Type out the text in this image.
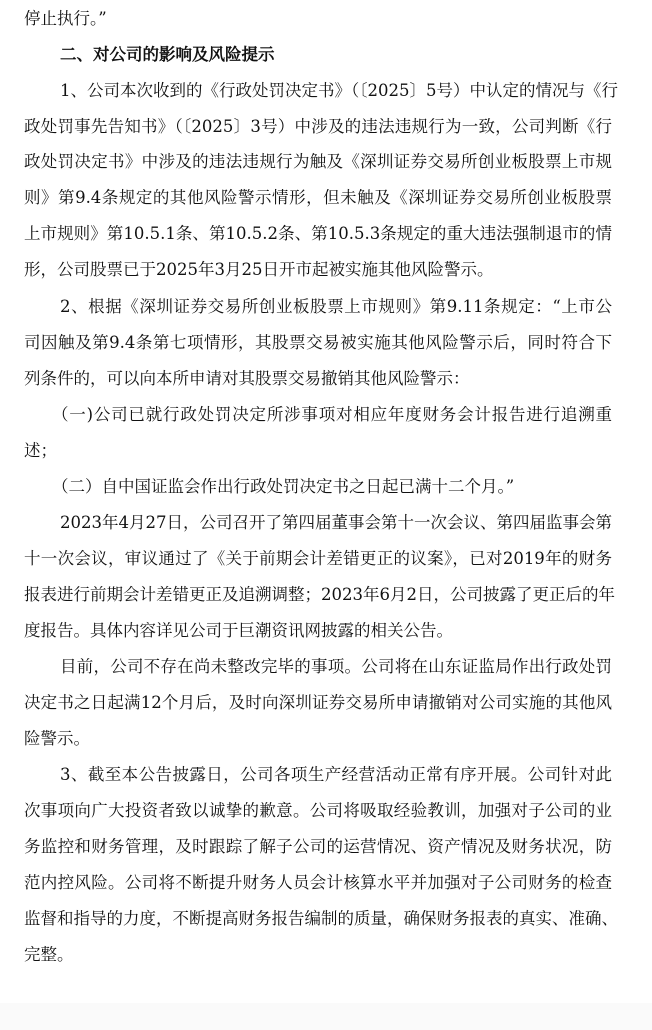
停止执行。”
二、对公司的影响及风险提示
1、公司本次收到的《行政处罚决定书》（〔2025〕5号）中认定的情况与《行
政处罚事先告知书》（〔2025〕3号）中涉及的违法违规行为一致，公司判断《行
政处罚决定书》中涉及的违法违规行为触及《深圳证券交易所创业板股票上市规
则》第9.4条规定的其他风险警示情形，但未触及《深圳证券交易所创业板股票
上市规则》第10.5.1条、第10.5.2条、第10.5.3条规定的重大违法强制退市的情
形，公司股票已于2025年3月25日开市起被实施其他风险警示。
2、根据《深圳证券交易所创业板股票上市规则》第9.11条规定：“上市公
司因触及第9.4条第七项情形，其股票交易被实施其他风险警示后，同时符合下
列条件的，可以向本所申请对其股票交易撤销其他风险警示：
（一)公司已就行政处罚决定所涉事项对相应年度财务会计报告进行追溯重
述；
（二）自中国证监会作出行政处罚决定书之日起已满十二个月。”
2023年4月27日，公司召开了第四届董事会第十一次会议、第四届监事会第
十一次会议，审议通过了《关于前期会计差错更正的议案》，已对2019年的财务
报表进行前期会计差错更正及追溯调整；2023年6月2日，公司披露了更正后的年
度报告。具体内容详见公司于巨潮资讯网披露的相关公告。
目前，公司不存在尚未整改完毕的事项。公司将在山东证监局作出行政处罚
决定书之日起满12个月后，及时向深圳证券交易所申请撤销对公司实施的其他风
险警示。
3、截至本公告披露日，公司各项生产经营活动正常有序开展。公司针对此
次事项向广大投资者致以诚挚的歉意。公司将吸取经验教训，加强对子公司的业
务监控和财务管理，及时跟踪了解子公司的运营情况、资产情况及财务状况，防
范内控风险。公司将不断提升财务人员会计核算水平并加强对子公司财务的检查
监督和指导的力度，不断提高财务报告编制的质量，确保财务报表的真实、准确、
完整。
